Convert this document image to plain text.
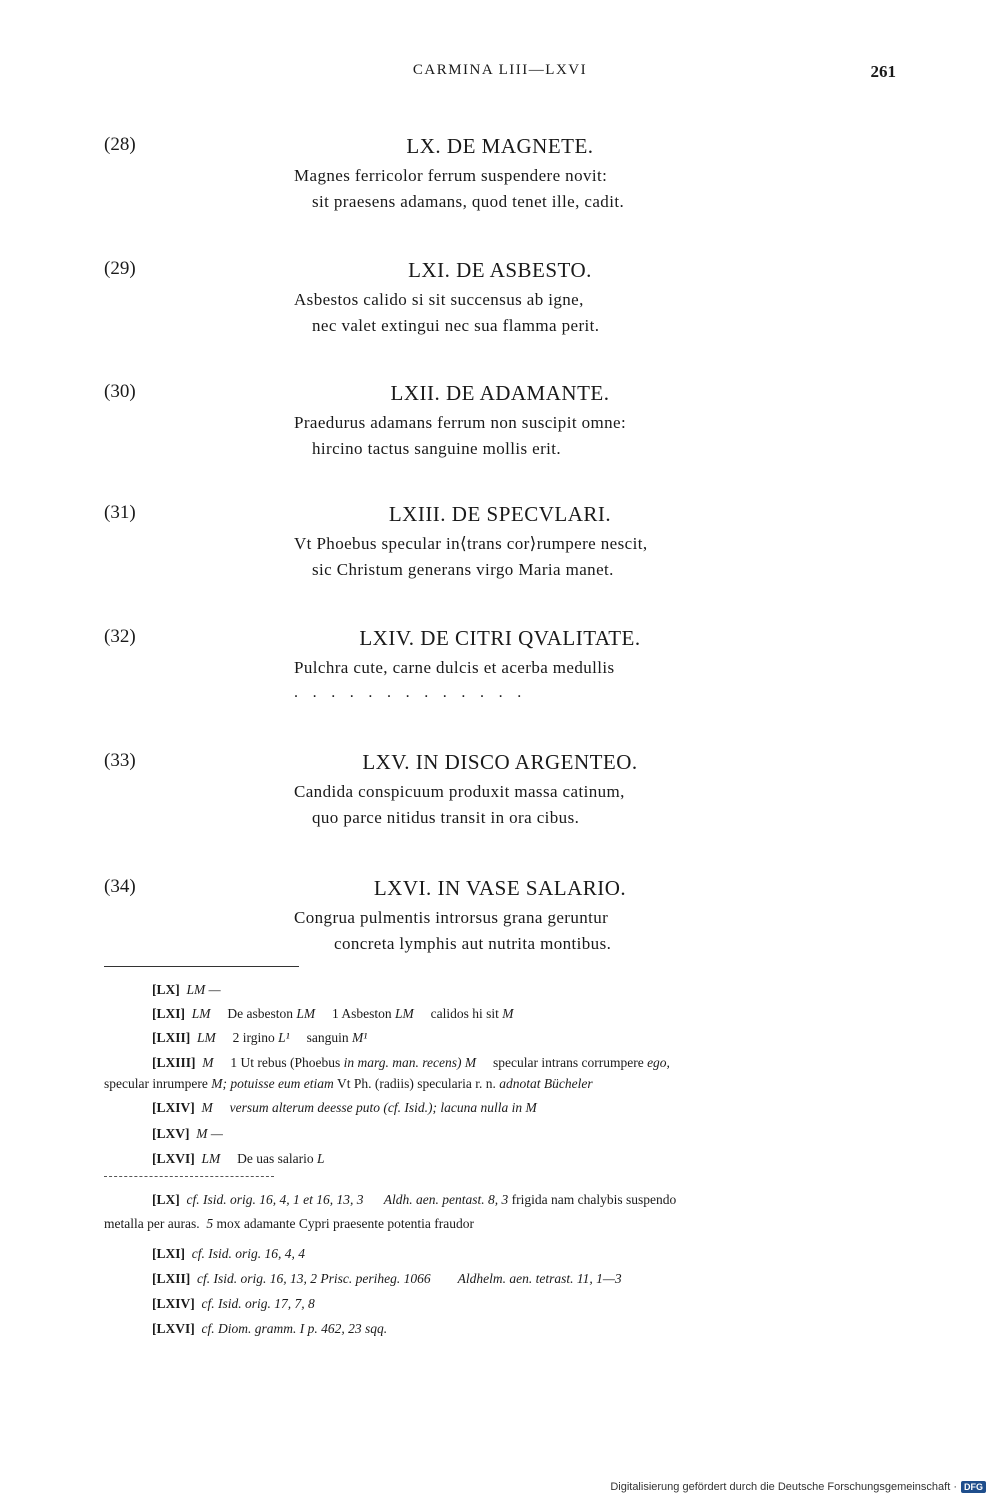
CARMINA LIII—LXVI	261
(28)	LX. DE MAGNETE.
Magnes ferricolor ferrum suspendere novit:
sit praesens adamans, quod tenet ille, cadit.
(29)	LXI. DE ASBESTO.
Asbestos calido si sit succensus ab igne,
nec valet extingui nec sua flamma perit.
(30)	LXII. DE ADAMANTE.
Praedurus adamans ferrum non suscipit omne:
hircino tactus sanguine mollis erit.
(31)	LXIII. DE SPECVLARI.
Vt Phoebus specular in⟨trans cor⟩rumpere nescit,
sic Christum generans virgo Maria manet.
(32)	LXIV. DE CITRI QVALITATE.
Pulchra cute, carne dulcis et acerba medullis
.............
(33)	LXV. IN DISCO ARGENTEO.
Candida conspicuum produxit massa catinum,
quo parce nitidus transit in ora cibus.
(34)	LXVI. IN VASE SALARIO.
Congrua pulmentis introrsus grana geruntur
concreta lymphis aut nutrita montibus.
[LX] LM —
[LXI] LM De asbeston LM 1 Asbeston LM calidos hi sit M
[LXII] LM 2 irgino L¹ sanguin M¹
[LXIII] M 1 Ut rebus (Phoebus in marg. man. recens) M specular intrans corrumpere ego,
specular inrumpere M; potuisse eum etiam Vt Ph. (radiis) specularia r. n. adnotat Bücheler
[LXIV] M versum alterum deesse puto (cf. Isid.); lacuna nulla in M
[LXV] M —
[LXVI] LM De uas salario L
[LX] cf. Isid. orig. 16, 4, 1 et 16, 13, 3 Aldh. aen. pentast. 8, 3 frigida nam chalybis suspendo
metalla per auras. 5 mox adamante Cypri praesente potentia fraudor
[LXI] cf. Isid. orig. 16, 4, 4
[LXII] cf. Isid. orig. 16, 13, 2 Prisc. periheg. 1066 Aldhelm. aen. tetrast. 11, 1—3
[LXIV] cf. Isid. orig. 17, 7, 8
[LXVI] cf. Diom. gramm. I p. 462, 23 sqq.
Digitalisierung gefördert durch die Deutsche Forschungsgemeinschaft · DFG
